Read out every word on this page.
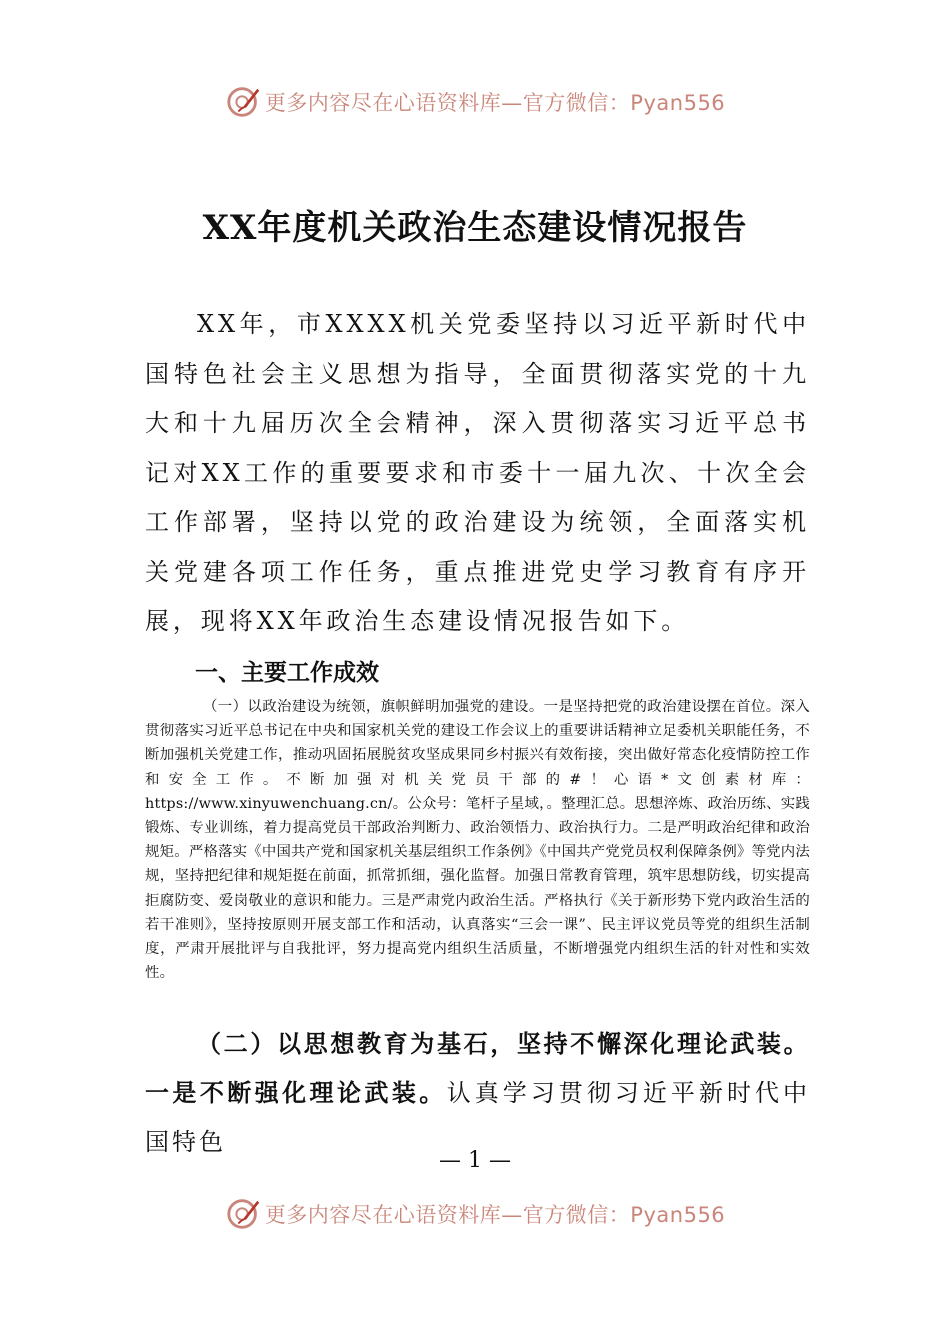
更多内容尽在心语资料库—官方微信：Pyan556
XX年度机关政治生态建设情况报告

XX年，市XXXX机关党委坚持以习近平新时代中国特色社会主义思想为指导，全面贯彻落实党的十九大和十九届历次全会精神，深入贯彻落实习近平总书记对XX工作的重要要求和市委十一届九次、十次全会工作部署，坚持以党的政治建设为统领，全面落实机关党建各项工作任务，重点推进党史学习教育有序开展，现将XX年政治生态建设情况报告如下。

一、主要工作成效

（一）以政治建设为统领，旗帜鲜明加强党的建设。一是坚持把党的政治建设摆在首位。深入贯彻落实习近平总书记在中央和国家机关党的建设工作会议上的重要讲话精神立足委机关职能任务，不断加强机关党建工作，推动巩固拓展脱贫攻坚成果同乡村振兴有效衔接，突出做好常态化疫情防控工作和安全工作。不断加强对机关党员干部的#！心语*文创素材库：https://www.xinyuwenchuang.cn/。公众号：笔杆子星域，。整理汇总。思想淬炼、政治历练、实践锻炼、专业训练，着力提高党员干部政治判断力、政治领悟力、政治执行力。二是严明政治纪律和政治规矩。严格落实《中国共产党和国家机关基层组织工作条例》《中国共产党党员权利保障条例》等党内法规，坚持把纪律和规矩挺在前面，抓常抓细，强化监督。加强日常教育管理，筑牢思想防线，切实提高拒腐防变、爱岗敬业的意识和能力。三是严肃党内政治生活。严格执行《关于新形势下党内政治生活的若干准则》，坚持按原则开展支部工作和活动，认真落实“三会一课”、民主评议党员等党的组织生活制度，严肃开展批评与自我批评，努力提高党内组织生活质量，不断增强党内组织生活的针对性和实效性。

（二）以思想教育为基石，坚持不懈深化理论武装。一是不断强化理论武装。认真学习贯彻习近平新时代中国特色

— 1 —
更多内容尽在心语资料库—官方微信：Pyan556
